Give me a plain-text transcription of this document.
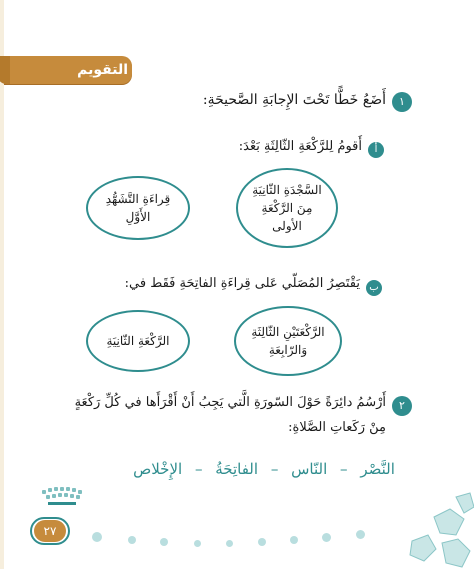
التقويم
١
أَضَعُ خَطًّا تَحْتَ الإِجابَةِ الصَّحيحَةِ:
أ
أَقومُ لِلرَّكْعَةِ الثّالِثَةِ بَعْدَ:
السَّجْدَةِ الثّانِيَةِ
مِنَ الرَّكْعَةِ
الأولى
قِراءَةِ التَّشَهُّدِ
الأَوَّلِ
ب
يَقْتَصِرُ المُصَلّي عَلى قِراءَةِ الفاتِحَةِ فَقَط في:
الرَّكْعَتَيْنِ الثّالِثَةِ
وَالرّابِعَةِ
الرَّكْعَةِ الثّانِيَةِ
٢
أَرْسُمُ دائِرَةً حَوْلَ السّورَةِ الَّتي يَجِبُ أَنْ أَقْرَأَها في كُلِّ رَكْعَةٍ
مِنْ رَكَعاتِ الصَّلاةِ:
النَّصْر – النّاس – الفاتِحَةُ – الإِخْلاص
٢٧
